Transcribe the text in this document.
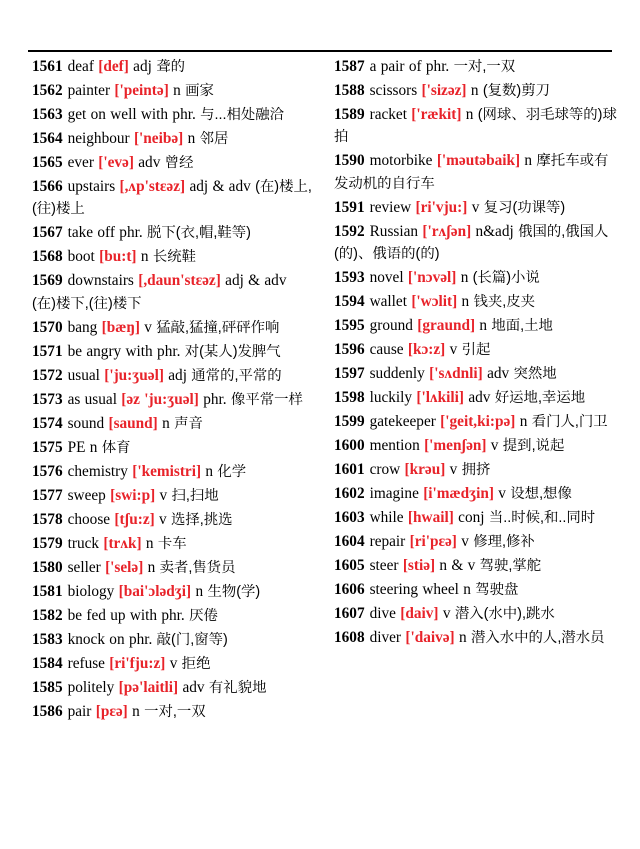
1561 deaf [def] adj 聋的

1562 painter ['peintə] n 画家

1563 get on well with phr. 与...相处融洽

1564 neighbour ['neibə] n 邻居

1565 ever ['evə] adv 曾经

1566 upstairs [,ʌp'stɛəz] adj & adv (在)楼上,(往)楼上

1567 take off phr. 脱下(衣,帽,鞋等)

1568 boot [bu:t] n 长统鞋

1569 downstairs [,daun'stɛəz] adj & adv (在)楼下,(往)楼下

1570 bang [bæŋ] v 猛敲,猛撞,砰砰作响

1571 be angry with phr. 对(某人)发脾气

1572 usual ['ju:ʒuəl] adj 通常的,平常的

1573 as usual [əz 'ju:ʒuəl] phr. 像平常一样

1574 sound [saund] n 声音

1575 PE n 体育

1576 chemistry ['kemistri] n 化学

1577 sweep [swi:p] v 扫,扫地

1578 choose [tʃu:z] v 选择,挑选

1579 truck [trʌk] n 卡车

1580 seller ['selə] n 卖者,售货员

1581 biology [bai'ɔlədʒi] n 生物(学)

1582 be fed up with phr. 厌倦

1583 knock on phr. 敲(门,窗等)

1584 refuse [ri'fju:z] v 拒绝

1585 politely [pə'laitli] adv 有礼貌地

1586 pair [pɛə] n 一对,一双

1587 a pair of phr. 一对,一双

1588 scissors ['sizəz] n (复数)剪刀

1589 racket ['rækit] n (网球、羽毛球等的)球拍

1590 motorbike ['məutəbaik] n 摩托车或有发动机的自行车

1591 review [ri'vju:] v 复习(功课等)

1592 Russian ['rʌʃən] n&adj 俄国的,俄国人(的)、俄语的(的)

1593 novel ['nɔvəl] n (长篇)小说

1594 wallet ['wɔlit] n 钱夹,皮夹

1595 ground [graund] n 地面,土地

1596 cause [kɔ:z] v 引起

1597 suddenly ['sʌdnli] adv 突然地

1598 luckily ['lʌkili] adv 好运地,幸运地

1599 gatekeeper ['geit,ki:pə] n 看门人,门卫

1600 mention ['menʃən] v 提到,说起

1601 crow [krəu] v 拥挤

1602 imagine [i'mædʒin] v 设想,想像

1603 while [hwail] conj 当..时候,和..同时

1604 repair [ri'pɛə] v 修理,修补

1605 steer [stiə] n & v 驾驶,掌舵

1606 steering wheel n 驾驶盘

1607 dive [daiv] v 潜入(水中),跳水

1608 diver ['daivə] n 潜入水中的人,潜水员
